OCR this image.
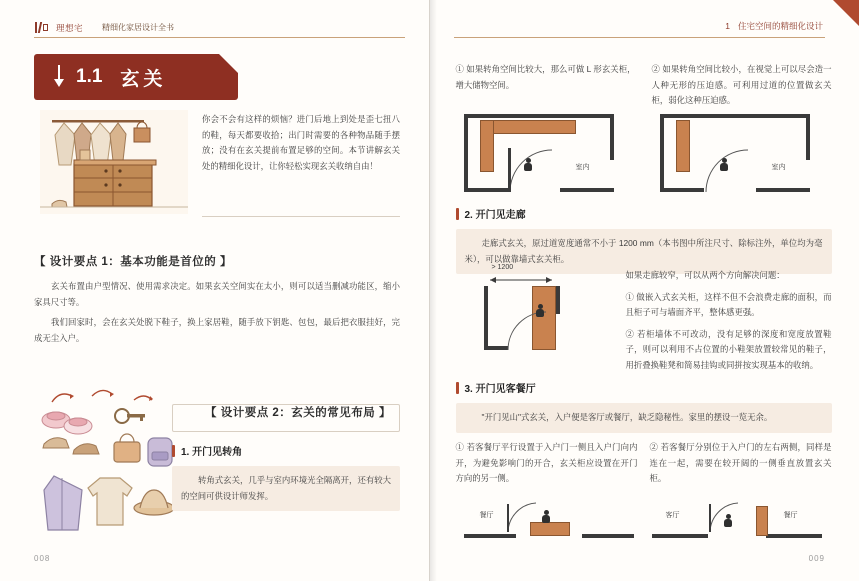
理想宅	精细化家居设计全书
1.1 玄关
你会不会有这样的烦恼？进门后地上到处是歪七扭八的鞋，每天都要收拾；出门时需要的各种物品随手摆放；没有在玄关提前布置足够的空间。本节讲解玄关处的精细化设计，让你轻松实现玄关收纳自由！
【 设计要点 1：基本功能是首位的 】
玄关布置由户型情况、使用需求决定。如果玄关空间实在太小，则可以适当删减功能区，缩小家具尺寸等。
我们回家时，会在玄关处脱下鞋子，换上家居鞋，随手放下钥匙、包包，最后把衣服挂好，完成无尘入户。
【 设计要点 2：玄关的常见布局 】
1. 开门见转角
转角式玄关，几乎与室内环境光全隔离开，还有较大的空间可供设计师发挥。
008
1 住宅空间的精细化设计
① 如果转角空间比较大，那么可做 L 形玄关柜，增大储物空间。
② 如果转角空间比较小，在视觉上可以尽会造一人种无形的压迫感。可利用过道的位置做玄关柜，弱化这种压迫感。
室内	室内
2. 开门见走廊
走廊式玄关，原过道宽度通常不小于 1200 mm（本书图中所注尺寸、除标注外，单位均为毫米），可以做靠墙式玄关柜。
> 1200
如果走廊较窄，可以从两个方向解决问题：
① 做嵌入式玄关柜，这样不但不会浪费走廊的面积，而且柜子可与墙面齐平，整体感更强。
② 若柜墙体不可改动，没有足够的深度和宽度放置鞋子，则可以利用不占位置的小鞋架放置较常见的鞋子，用折叠换鞋凳和简易挂钩或同拼按实现基本的收纳。
3. 开门见客餐厅
"开门见山"式玄关，入户便是客厅或餐厅，缺乏隐秘性。家里的摆设一览无余。
① 若客餐厅平行设置于入户门一侧且入户门向内开，为避免影响门的开合，玄关柜应设置在开门方向的另一侧。
② 若客餐厅分别位于入户门的左右两侧，同样是连在一起，需要在较开阔的一侧垂直放置玄关柜。
餐厅	客厅	餐厅
009
